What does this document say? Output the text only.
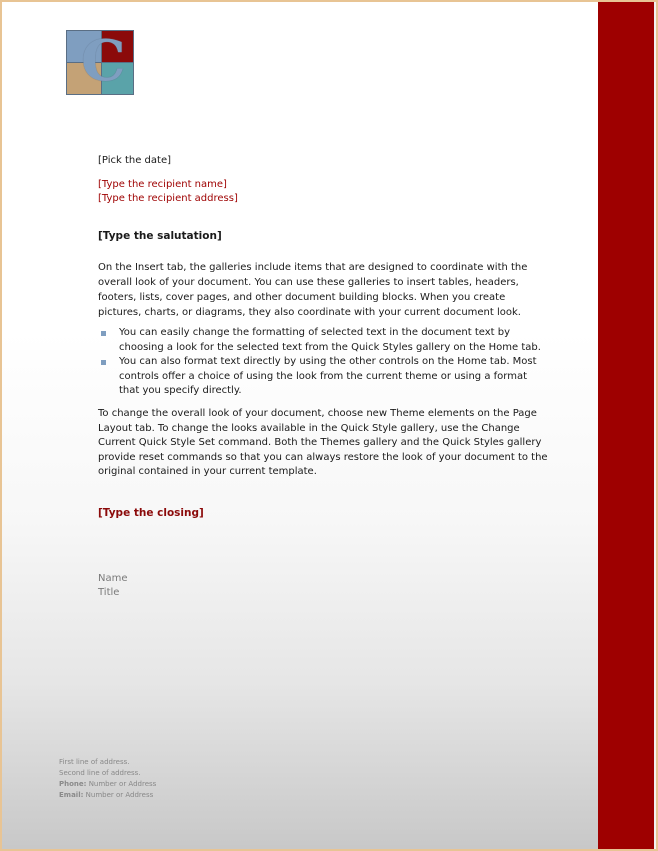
C
[Pick the date]
[Type the recipient name]
[Type the recipient address]
[Type the salutation]
On the Insert tab, the galleries include items that are designed to coordinate with the overall look of your document. You can use these galleries to insert tables, headers, footers, lists, cover pages, and other document building blocks. When you create pictures, charts, or diagrams, they also coordinate with your current document look.
You can easily change the formatting of selected text in the document text by choosing a look for the selected text from the Quick Styles gallery on the Home tab.
You can also format text directly by using the other controls on the Home tab. Most controls offer a choice of using the look from the current theme or using a format that you specify directly.
To change the overall look of your document, choose new Theme elements on the Page Layout tab. To change the looks available in the Quick Style gallery, use the Change Current Quick Style Set command. Both the Themes gallery and the Quick Styles gallery provide reset commands so that you can always restore the look of your document to the original contained in your current template.
[Type the closing]
Name
Title
First line of address.
Second line of address.
Phone: Number or Address
Email: Number or Address
